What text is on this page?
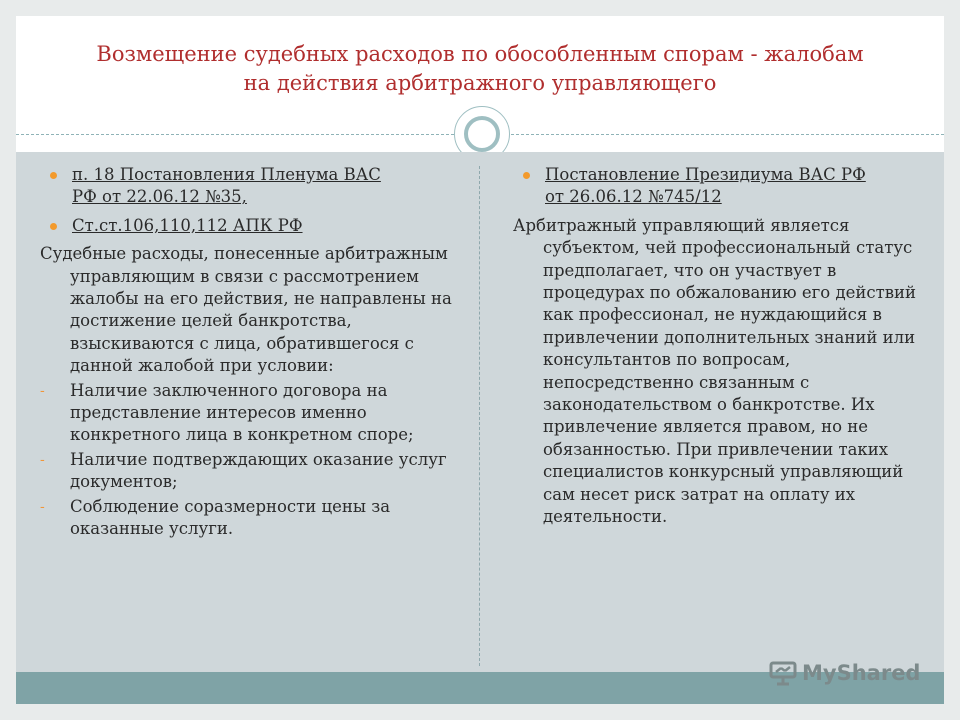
Возмещение судебных расходов по обособленным спорам - жалобам
на действия арбитражного управляющего
п. 18 Постановления Пленума ВАС
РФ от 22.06.12 №35,
Ст.ст.106,110,112 АПК РФ
Судебные расходы, понесенные арбитражным управляющим в связи с рассмотрением жалобы на его действия, не направлены на достижение целей банкротства, взыскиваются с лица, обратившегося с данной жалобой при условии:
- Наличие заключенного договора на представление интересов именно конкретного лица в конкретном споре;
- Наличие подтверждающих оказание услуг документов;
- Соблюдение соразмерности цены за оказанные услуги.
Постановление Президиума ВАС РФ
от 26.06.12 №745/12
Арбитражный управляющий является субъектом, чей профессиональный статус предполагает, что он участвует в процедурах по обжалованию его действий как профессионал, не нуждающийся в привлечении дополнительных знаний или консультантов по вопросам, непосредственно связанным с законодательством о банкротстве. Их привлечение является правом, но не обязанностью. При привлечении таких специалистов конкурсный управляющий сам несет риск затрат на оплату их деятельности.
MyShared
